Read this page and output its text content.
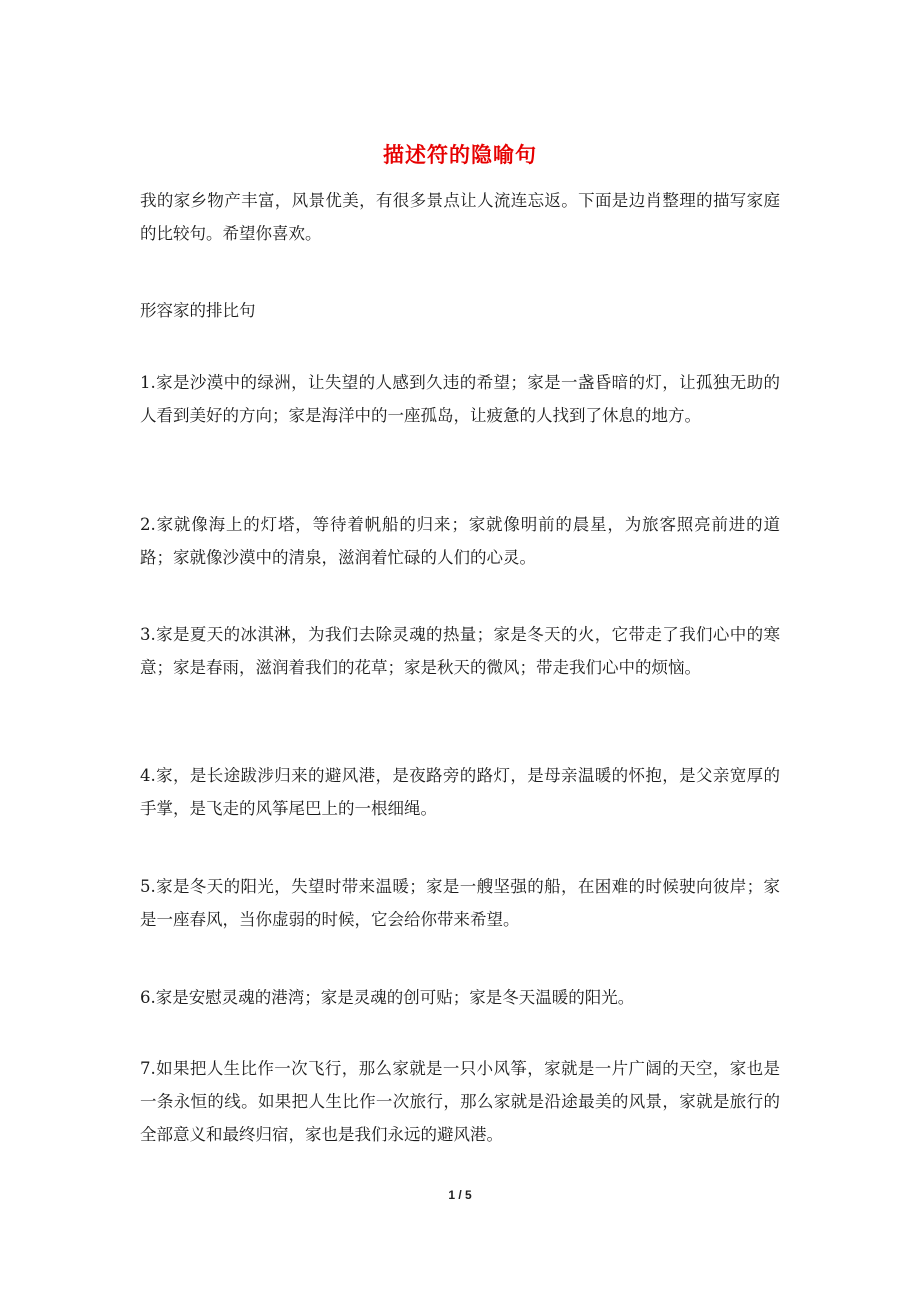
描述符的隐喻句

我的家乡物产丰富，风景优美，有很多景点让人流连忘返。下面是边肖整理的描写家庭的比较句。希望你喜欢。

形容家的排比句

1.家是沙漠中的绿洲，让失望的人感到久违的希望；家是一盏昏暗的灯，让孤独无助的人看到美好的方向；家是海洋中的一座孤岛，让疲惫的人找到了休息的地方。

2.家就像海上的灯塔，等待着帆船的归来；家就像明前的晨星，为旅客照亮前进的道路；家就像沙漠中的清泉，滋润着忙碌的人们的心灵。

3.家是夏天的冰淇淋，为我们去除灵魂的热量；家是冬天的火，它带走了我们心中的寒意；家是春雨，滋润着我们的花草；家是秋天的微风；带走我们心中的烦恼。

4.家，是长途跋涉归来的避风港，是夜路旁的路灯，是母亲温暖的怀抱，是父亲宽厚的手掌，是飞走的风筝尾巴上的一根细绳。

5.家是冬天的阳光，失望时带来温暖；家是一艘坚强的船，在困难的时候驶向彼岸；家是一座春风，当你虚弱的时候，它会给你带来希望。

6.家是安慰灵魂的港湾；家是灵魂的创可贴；家是冬天温暖的阳光。

7.如果把人生比作一次飞行，那么家就是一只小风筝，家就是一片广阔的天空，家也是一条永恒的线。如果把人生比作一次旅行，那么家就是沿途最美的风景，家就是旅行的全部意义和最终归宿，家也是我们永远的避风港。

1 / 5
